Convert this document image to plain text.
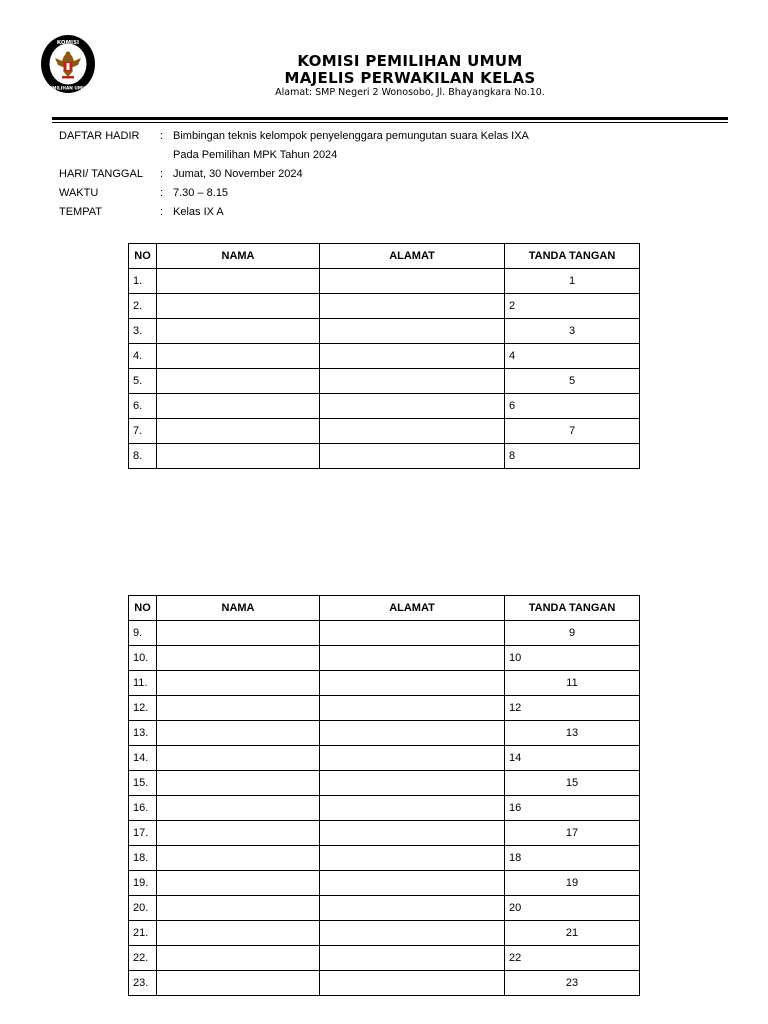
KOMISI
PEMILIHAN UMUM
KOMISI PEMILIHAN UMUM
MAJELIS PERWAKILAN KELAS
Alamat: SMP Negeri 2 Wonosobo, Jl. Bhayangkara No.10.
DAFTAR HADIR	: Bimbingan teknis kelompok penyelenggara pemungutan suara Kelas IXA
Pada Pemilihan MPK Tahun 2024
HARI/ TANGGAL	: Jumat, 30 November 2024
WAKTU	: 7.30 – 8.15
TEMPAT	: Kelas IX A
NO	NAMA	ALAMAT	TANDA TANGAN
1.			1
2.			2
3.			3
4.			4
5.			5
6.			6
7.			7
8.			8
NO	NAMA	ALAMAT	TANDA TANGAN
9.			9
10.			10
11.			11
12.			12
13.			13
14.			14
15.			15
16.			16
17.			17
18.			18
19.			19
20.			20
21.			21
22.			22
23.			23
